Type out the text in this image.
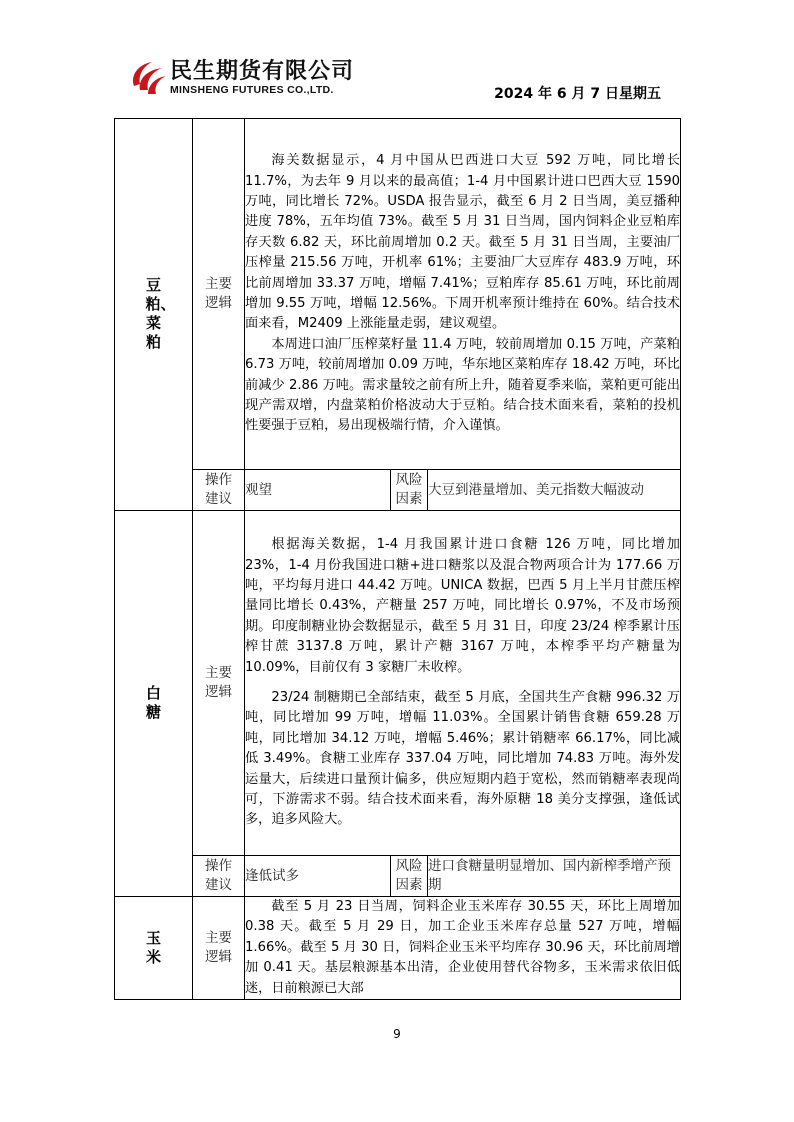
民生期货有限公司
MINSHENG FUTURES CO.,LTD.	2024 年 6 月 7 日星期五
豆粕、菜粕	主要逻辑	海关数据显示，4 月中国从巴西进口大豆 592 万吨，同比增长 11.7%，为去年 9 月以来的最高值；1-4 月中国累计进口巴西大豆 1590 万吨，同比增长 72%。USDA 报告显示，截至 6 月 2 日当周，美豆播种进度 78%，五年均值 73%。截至 5 月 31 日当周，国内饲料企业豆粕库存天数 6.82 天，环比前周增加 0.2 天。截至 5 月 31 日当周，主要油厂压榨量 215.56 万吨，开机率 61%；主要油厂大豆库存 483.9 万吨，环比前周增加 33.37 万吨，增幅 7.41%；豆粕库存 85.61 万吨，环比前周增加 9.55 万吨，增幅 12.56%。下周开机率预计维持在 60%。结合技术面来看，M2409 上涨能量走弱，建议观望。

本周进口油厂压榨菜籽量 11.4 万吨，较前周增加 0.15 万吨，产菜粕 6.73 万吨，较前周增加 0.09 万吨，华东地区菜粕库存 18.42 万吨，环比前减少 2.86 万吨。需求量较之前有所上升，随着夏季来临，菜粕更可能出现产需双增，内盘菜粕价格波动大于豆粕。结合技术面来看，菜粕的投机性要强于豆粕，易出现极端行情，介入谨慎。		

	操作建议	观望	风险因素	大豆到港量增加、美元指数大幅波动
白糖	主要逻辑	根据海关数据，1-4 月我国累计进口食糖 126 万吨，同比增加 23%，1-4 月份我国进口糖+进口糖浆以及混合物两项合计为 177.66 万吨，平均每月进口 44.42 万吨。UNICA 数据，巴西 5 月上半月甘蔗压榨量同比增长 0.43%，产糖量 257 万吨，同比增长 0.97%，不及市场预期。印度制糖业协会数据显示，截至 5 月 31 日，印度 23/24 榨季累计压榨甘蔗 3137.8 万吨，累计产糖 3167 万吨，本榨季平均产糖量为 10.09%，目前仅有 3 家糖厂未收榨。

23/24 制糖期已全部结束，截至 5 月底，全国共生产食糖 996.32 万吨，同比增加 99 万吨，增幅 11.03%。全国累计销售食糖 659.28 万吨，同比增加 34.12 万吨，增幅 5.46%；累计销糖率 66.17%，同比减低 3.49%。食糖工业库存 337.04 万吨，同比增加 74.83 万吨。海外发运量大，后续进口量预计偏多，供应短期内趋于宽松，然而销糖率表现尚可，下游需求不弱。结合技术面来看，海外原糖 18 美分支撑强，逢低试多，追多风险大。		

	操作建议	逢低试多	风险因素	进口食糖量明显增加、国内新榨季增产预期
玉米	主要逻辑	截至 5 月 23 日当周，饲料企业玉米库存 30.55 天，环比上周增加 0.38 天。截至 5 月 29 日，加工企业玉米库存总量 527 万吨，增幅 1.66%。截至 5 月 30 日，饲料企业玉米平均库存 30.96 天，环比前周增加 0.41 天。基层粮源基本出清，企业使用替代谷物多，玉米需求依旧低迷，日前粮源已大部		

9
